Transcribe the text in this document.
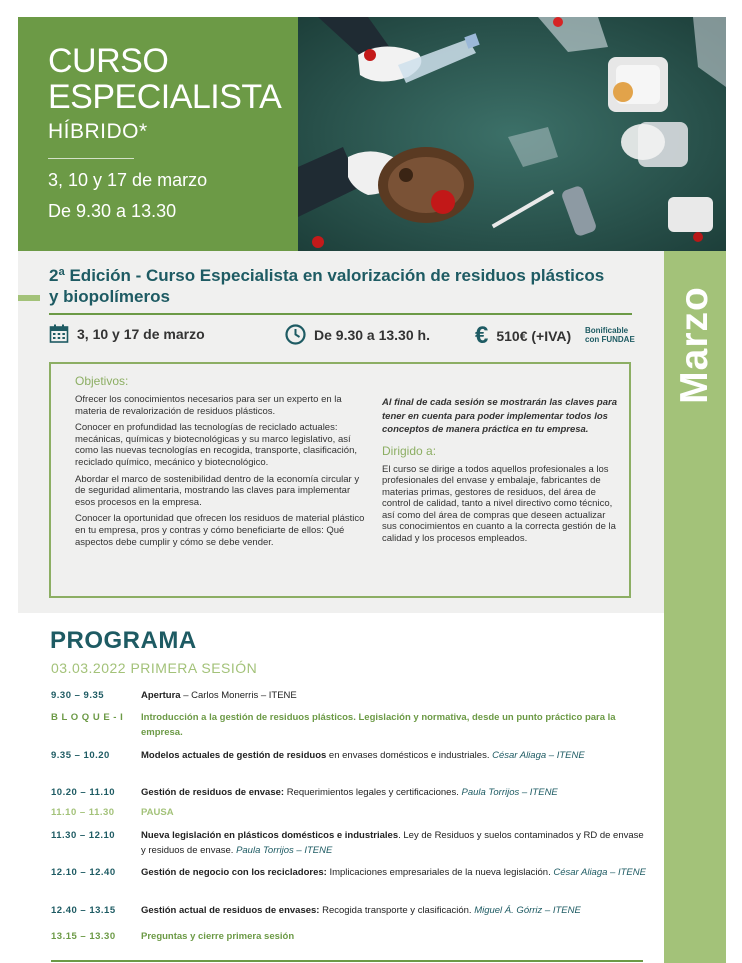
CURSO
ESPECIALISTA
HÍBRIDO*
3, 10 y 17 de marzo
De 9.30 a 13.30
Marzo
2ª Edición - Curso Especialista en valorización de residuos plásticos y biopolímeros
3, 10 y 17 de marzo	De 9.30 a 13.30 h. € 510€ (+IVA) Bonificable
con FUNDAE
Objetivos:

Ofrecer los conocimientos necesarios para ser un experto en la materia de revalorización de residuos plásticos.

Conocer en profundidad las tecnologías de reciclado actuales: mecánicas, químicas y biotecnológicas y su marco legislativo, así como las nuevas tecnologías en recogida, transporte, clasificación, reciclado químico, mecánico y biotecnológico.

Abordar el marco de sostenibilidad dentro de la economía circular y de seguridad alimentaria, mostrando las claves para implementar esos procesos en la empresa.

Conocer la oportunidad que ofrecen los residuos de material plástico en tu empresa, pros y contras y cómo beneficiarte de ellos: Qué aspectos debe cumplir y cómo se debe vender.

Al final de cada sesión se mostrarán las claves para tener en cuenta para poder implementar todos los conceptos de manera práctica en tu empresa.

Dirigido a:

El curso se dirige a todos aquellos profesionales a los profesionales del envase y embalaje, fabricantes de materias primas, gestores de residuos, del área de control de calidad, tanto a nivel directivo como técnico, así como del área de compras que deseen actualizar sus conocimientos en cuanto a la correcta gestión de la calidad y los procesos empleados.

PROGRAMA
03.03.2022 PRIMERA SESIÓN
9.30 – 9.35	Apertura – Carlos Monerris – ITENE
B L O Q U E - I	Introducción a la gestión de residuos plásticos. Legislación y normativa, desde un punto práctico para la empresa.
9.35 – 10.20	Modelos actuales de gestión de residuos en envases domésticos e industriales. César Aliaga – ITENE
10.20 – 11.10	Gestión de residuos de envase: Requerimientos legales y certificaciones. Paula Torrijos – ITENE
11.10 – 11.30	PAUSA
11.30 – 12.10	Nueva legislación en plásticos domésticos e industriales. Ley de Residuos y suelos contaminados y RD de envase y residuos de envase. Paula Torrijos – ITENE
12.10 – 12.40	Gestión de negocio con los recicladores: Implicaciones empresariales de la nueva legislación. César Aliaga – ITENE
12.40 – 13.15	Gestión actual de residuos de envases: Recogida transporte y clasificación. Miguel Á. Górriz – ITENE
13.15 – 13.30	Preguntas y cierre primera sesión
